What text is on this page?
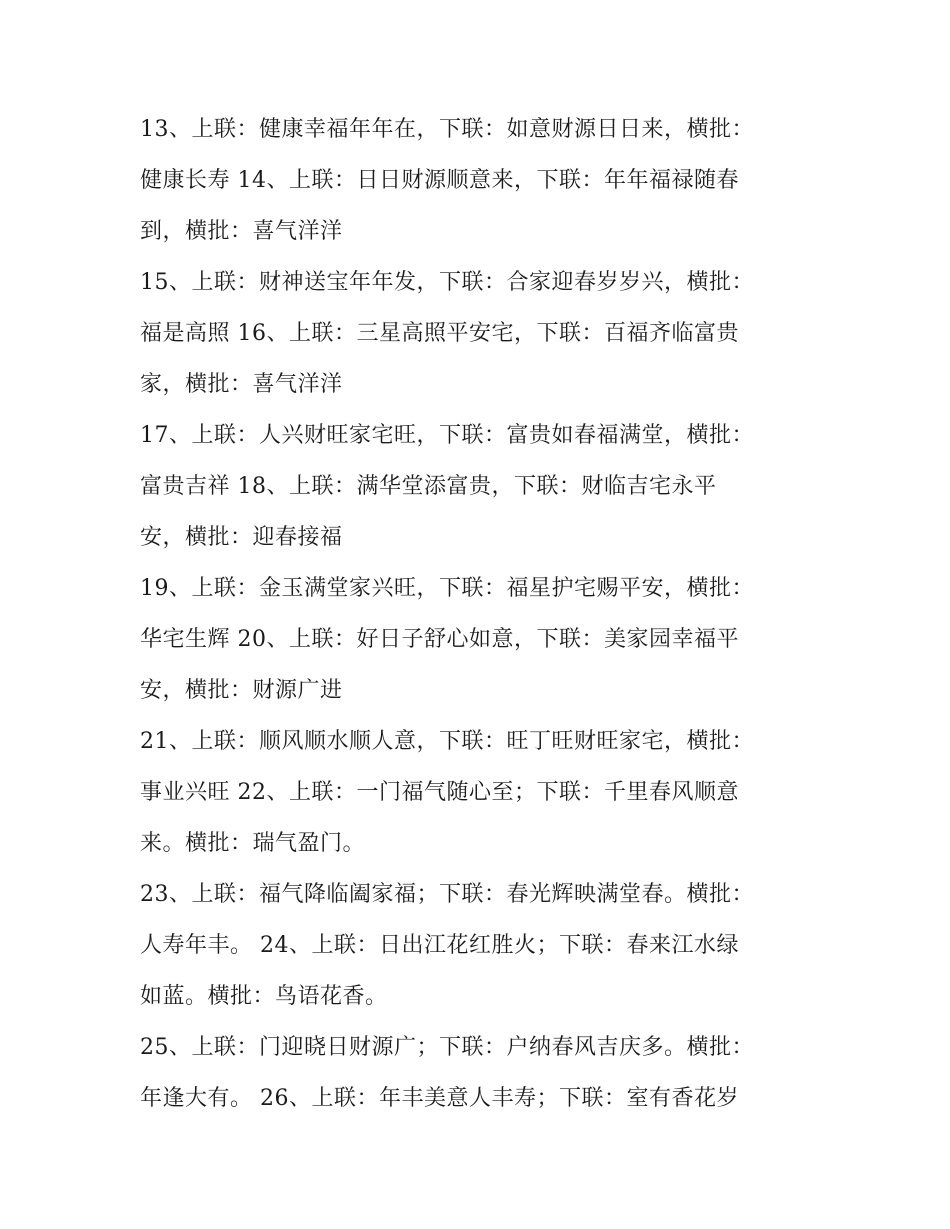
13、上联：健康幸福年年在，下联：如意财源日日来，横批：
健康长寿 14、上联：日日财源顺意来，下联：年年福禄随春
到，横批：喜气洋洋
15、上联：财神送宝年年发，下联：合家迎春岁岁兴，横批：
福是高照 16、上联：三星高照平安宅，下联：百福齐临富贵
家，横批：喜气洋洋
17、上联：人兴财旺家宅旺，下联：富贵如春福满堂，横批：
富贵吉祥 18、上联：满华堂添富贵，下联：财临吉宅永平
安，横批：迎春接福
19、上联：金玉满堂家兴旺，下联：福星护宅赐平安，横批：
华宅生辉 20、上联：好日子舒心如意，下联：美家园幸福平
安，横批：财源广进
21、上联：顺风顺水顺人意，下联：旺丁旺财旺家宅，横批：
事业兴旺 22、上联：一门福气随心至；下联：千里春风顺意
来。横批：瑞气盈门。
23、上联：福气降临阖家福；下联：春光辉映满堂春。横批：
人寿年丰。 24、上联：日出江花红胜火；下联：春来江水绿
如蓝。横批：鸟语花香。
25、上联：门迎晓日财源广；下联：户纳春风吉庆多。横批：
年逢大有。 26、上联：年丰美意人丰寿；下联：室有香花岁
